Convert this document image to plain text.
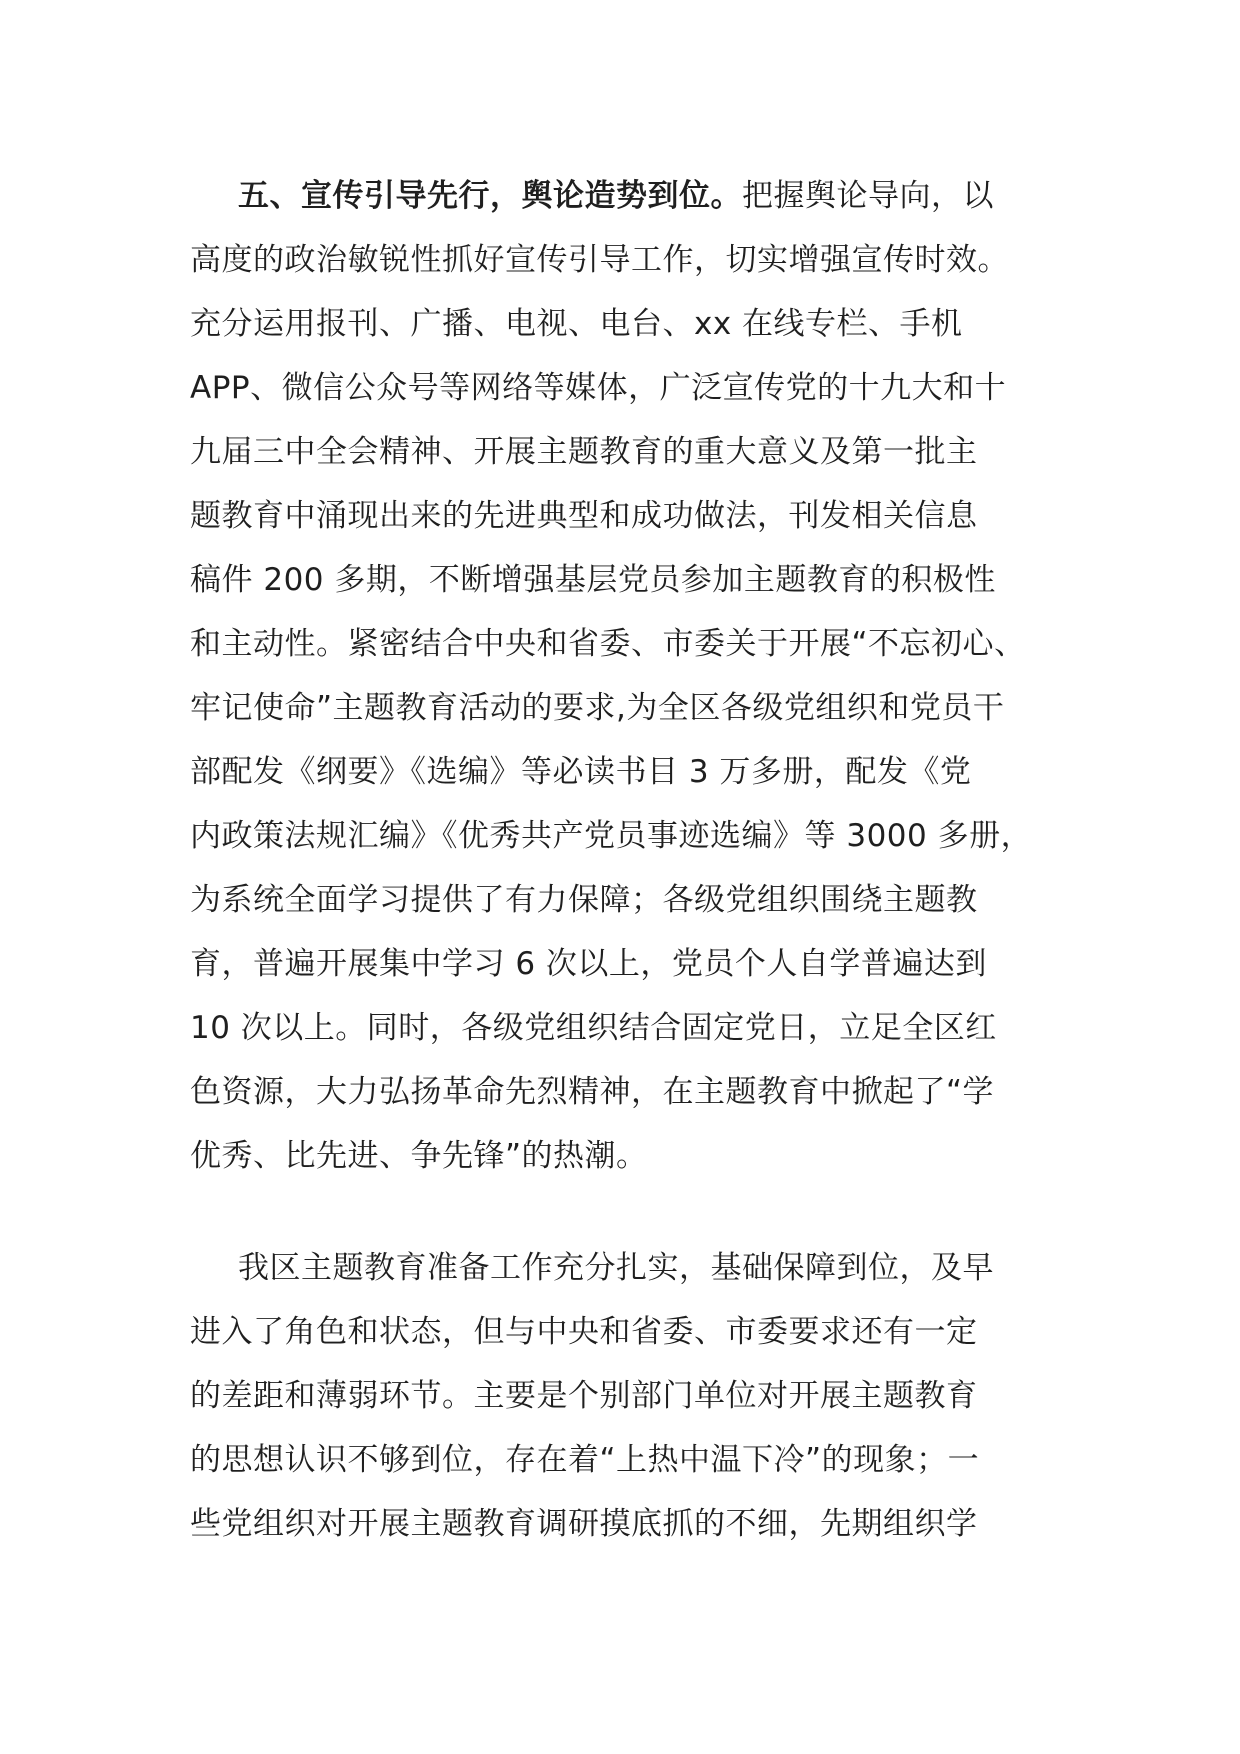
五、宣传引导先行，舆论造势到位。把握舆论导向，以
高度的政治敏锐性抓好宣传引导工作，切实增强宣传时效。
充分运用报刊、广播、电视、电台、xx 在线专栏、手机
APP、微信公众号等网络等媒体，广泛宣传党的十九大和十
九届三中全会精神、开展主题教育的重大意义及第一批主
题教育中涌现出来的先进典型和成功做法，刊发相关信息
稿件 200 多期，不断增强基层党员参加主题教育的积极性
和主动性。紧密结合中央和省委、市委关于开展“不忘初心、
牢记使命”主题教育活动的要求,为全区各级党组织和党员干
部配发《纲要》《选编》等必读书目 3 万多册，配发《党
内政策法规汇编》《优秀共产党员事迹选编》等 3000 多册，
为系统全面学习提供了有力保障；各级党组织围绕主题教
育，普遍开展集中学习 6 次以上，党员个人自学普遍达到
10 次以上。同时，各级党组织结合固定党日，立足全区红
色资源，大力弘扬革命先烈精神，在主题教育中掀起了“学
优秀、比先进、争先锋”的热潮。
我区主题教育准备工作充分扎实，基础保障到位，及早
进入了角色和状态，但与中央和省委、市委要求还有一定
的差距和薄弱环节。主要是个别部门单位对开展主题教育
的思想认识不够到位，存在着“上热中温下冷”的现象；一
些党组织对开展主题教育调研摸底抓的不细，先期组织学
